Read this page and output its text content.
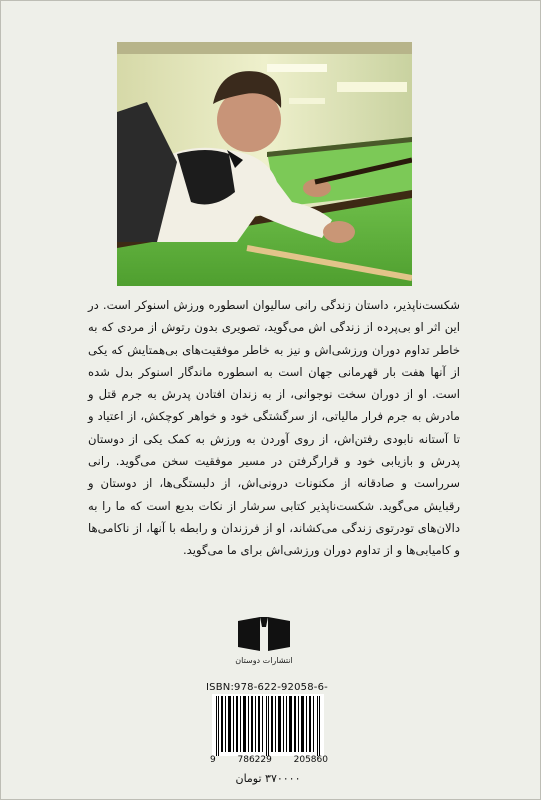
شکست‌ناپذیر، داستان زندگی رانی سالیوان اسطوره ورزش اسنوکر است. در این اثر او بی‌پرده از زندگی اش می‌گوید، تصویری بدون رتوش از مردی که به خاطر تداوم دوران ورزشی‌اش و نیز به خاطر موفقیت‌های بی‌همتایش که یکی از آنها هفت بار قهرمانی جهان است به اسطوره ماندگار اسنوکر بدل شده است. او از دوران سخت نوجوانی، از به زندان افتادن پدرش به جرم قتل و مادرش به جرم فرار مالیاتی، از سرگشتگی خود و خواهر کوچکش، از اعتیاد و تا آستانه نابودی رفتن‌اش، از روی آوردن به ورزش به کمک یکی از دوستان پدرش و بازیابی خود و قرارگرفتن در مسیر موفقیت سخن می‌گوید. رانی سرراست و صادقانه از مکنونات درونی‌اش، از دلبستگی‌ها، از دوستان و رقبایش می‌گوید. شکست‌ناپذیر کتابی سرشار از نکات بدیع است که ما را به دالان‌های تودرتوی زندگی می‌کشاند، او از فرزندان و رابطه با آنها، از ناکامی‌ها و کامیابی‌ها و از تداوم دوران ورزشی‌اش برای ما می‌گوید.

انتشارات دوستان
ISBN:978-622-92058-6-
9 786229 205860
۳۷۰۰۰۰ تومان
